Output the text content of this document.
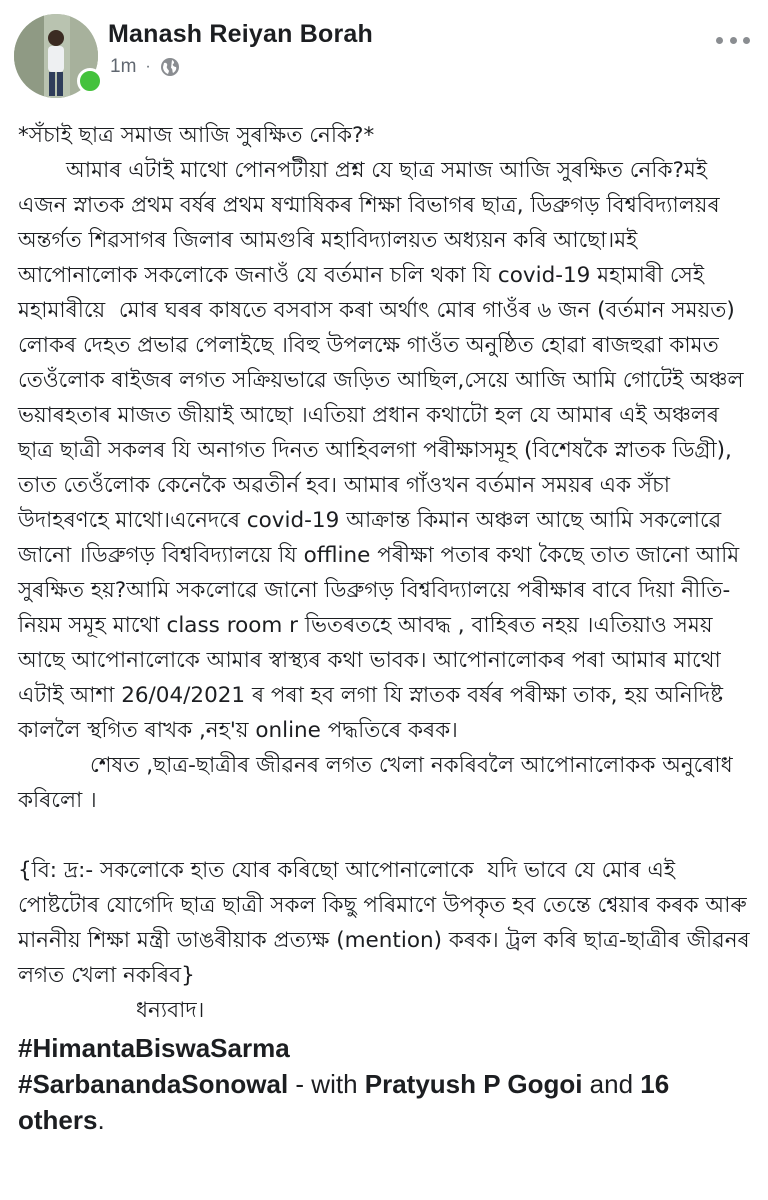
Manash Reiyan Borah
1m ·

*সঁচাই ছাত্ৰ সমাজ আজি সুৰক্ষিত নেকি?*

আমাৰ এটাই মাথো পোনপটীয়া প্ৰশ্ন যে ছাত্ৰ সমাজ আজি সুৰক্ষিত নেকি?মই এজন স্নাতক প্ৰথম বৰ্ষৰ প্ৰথম ষণ্মাষিকৰ শিক্ষা বিভাগৰ ছাত্ৰ, ডিব্ৰুগড় বিশ্ববিদ্যালয়ৰ অন্তৰ্গত শিৱসাগৰ জিলাৰ আমগুৰি মহাবিদ্যালয়ত অধ্যয়ন কৰি আছো।মই আপোনালোক সকলোকে জনাওঁ যে বৰ্তমান চলি থকা যি covid-19 মহামাৰী সেই মহামাৰীয়ে  মোৰ ঘৰৰ কাষতে বসবাস কৰা অৰ্থাৎ মোৰ গাওঁৰ ৬ জন (বৰ্তমান সময়ত) লোকৰ দেহত প্ৰভাৱ পেলাইছে ।বিহু উপলক্ষে গাওঁত অনুষ্ঠিত হোৱা ৰাজহুৱা কামত তেওঁলোক ৰাইজৰ লগত সক্ৰিয়ভাৱে জড়িত আছিল,সেয়ে আজি আমি গোটেই অঞ্চল ভয়াৰহতাৰ মাজত জীয়াই আছো ।এতিয়া প্ৰধান কথাটো হল যে আমাৰ এই অঞ্চলৰ ছাত্ৰ ছাত্ৰী সকলৰ যি অনাগত দিনত আহিবলগা পৰীক্ষাসমূহ (বিশেষকৈ স্নাতক ডিগ্ৰী), তাত তেওঁলোক কেনেকৈ অৱতীৰ্ন হব। আমাৰ গাঁওখন বৰ্তমান সময়ৰ এক সঁচা উদাহৰণহে মাথো।এনেদৰে covid-19 আক্ৰান্ত কিমান অঞ্চল আছে আমি সকলোৱে জানো ।ডিব্ৰুগড় বিশ্ববিদ্যালয়ে যি offline পৰীক্ষা পতাৰ কথা কৈছে তাত জানো আমি সুৰক্ষিত হয়?আমি সকলোৱে জানো ডিব্ৰুগড় বিশ্ববিদ্যালয়ে পৰীক্ষাৰ বাবে দিয়া নীতি-নিয়ম সমূহ মাথো class room r ভিতৰতহে আবদ্ধ , বাহিৰত নহয় ।এতিয়াও সময় আছে আপোনালোকে আমাৰ স্বাস্থ্যৰ কথা ভাবক। আপোনালোকৰ পৰা আমাৰ মাথো এটাই আশা 26/04/2021 ৰ পৰা হব লগা যি স্নাতক বৰ্ষৰ পৰীক্ষা তাক, হয় অনিদিষ্ট কাললৈ স্থগিত ৰাখক ,নহ'য় online পদ্ধতিৰে কৰক।

শেষত ,ছাত্ৰ-ছাত্ৰীৰ জীৱনৰ লগত খেলা নকৰিবলৈ আপোনালোকক অনুৰোধ কৰিলো ।

{বি: দ্ৰ:- সকলোকে হাত যোৰ কৰিছো আপোনালোকে  যদি ভাবে যে মোৰ এই পোষ্টটোৰ যোগেদি ছাত্ৰ ছাত্ৰী সকল কিছু পৰিমাণে উপকৃত হব তেন্তে শ্বেয়াৰ কৰক আৰু মাননীয় শিক্ষা মন্ত্ৰী ডাঙৰীয়াক প্ৰত্যক্ষ (mention) কৰক। ট্ৰল কৰি ছাত্ৰ-ছাত্ৰীৰ জীৱনৰ লগত খেলা নকৰিব}

ধন্যবাদ।

#HimantaBiswaSarma
#SarbanandaSonowal - with Pratyush P Gogoi and 16 others.
